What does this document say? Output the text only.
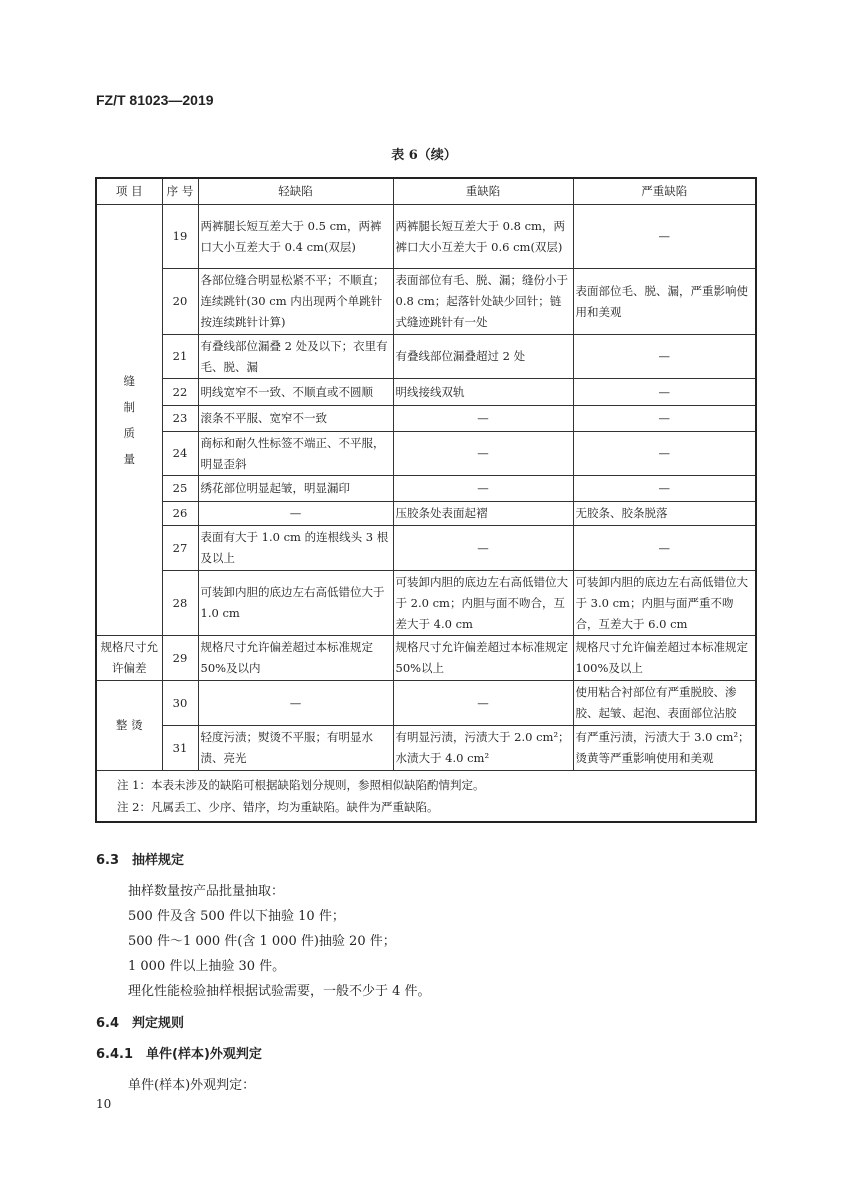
FZ/T 81023—2019
表 6（续）
项 目	序 号	轻缺陷	重缺陷	严重缺陷
缝制质量	19	两裤腿长短互差大于 0.5 cm，两裤口大小互差大于 0.4 cm(双层)	两裤腿长短互差大于 0.8 cm，两裤口大小互差大于 0.6 cm(双层)	—
	20	各部位缝合明显松紧不平；不顺直；连续跳针(30 cm 内出现两个单跳针按连续跳针计算)	表面部位有毛、脱、漏；缝份小于 0.8 cm；起落针处缺少回针；链式缝迹跳针有一处	表面部位毛、脱、漏，严重影响使用和美观
	21	有叠线部位漏叠 2 处及以下；衣里有毛、脱、漏	有叠线部位漏叠超过 2 处	—
	22	明线宽窄不一致、不顺直或不圆顺	明线接线双轨	—
	23	滚条不平服、宽窄不一致	—	—
	24	商标和耐久性标签不端正、不平服，明显歪斜	—	—
	25	绣花部位明显起皱，明显漏印	—	—
	26	—	压胶条处表面起褶	无胶条、胶条脱落
	27	表面有大于 1.0 cm 的连根线头 3 根及以上	—	—
	28	可装卸内胆的底边左右高低错位大于 1.0 cm	可装卸内胆的底边左右高低错位大于 2.0 cm；内胆与面不吻合，互差大于 4.0 cm	可装卸内胆的底边左右高低错位大于 3.0 cm；内胆与面严重不吻合，互差大于 6.0 cm
规格尺寸允许偏差	29	规格尺寸允许偏差超过本标准规定 50%及以内	规格尺寸允许偏差超过本标准规定 50%以上	规格尺寸允许偏差超过本标准规定 100%及以上
整 烫	30	—	—	使用粘合衬部位有严重脱胶、渗胶、起皱、起泡、表面部位沾胶
	31	轻度污渍；熨烫不平服；有明显水渍、亮光	有明显污渍，污渍大于 2.0 cm²；水渍大于 4.0 cm²	有严重污渍，污渍大于 3.0 cm²；烫黄等严重影响使用和美观

注 1：本表未涉及的缺陷可根据缺陷划分规则，参照相似缺陷酌情判定。
注 2：凡属丢工、少序、错序，均为重缺陷。缺件为严重缺陷。				
6.3　抽样规定
抽样数量按产品批量抽取：
500 件及含 500 件以下抽验 10 件；
500 件～1 000 件(含 1 000 件)抽验 20 件；
1 000 件以上抽验 30 件。
理化性能检验抽样根据试验需要，一般不少于 4 件。
6.4　判定规则
6.4.1　单件(样本)外观判定
单件(样本)外观判定：
10
